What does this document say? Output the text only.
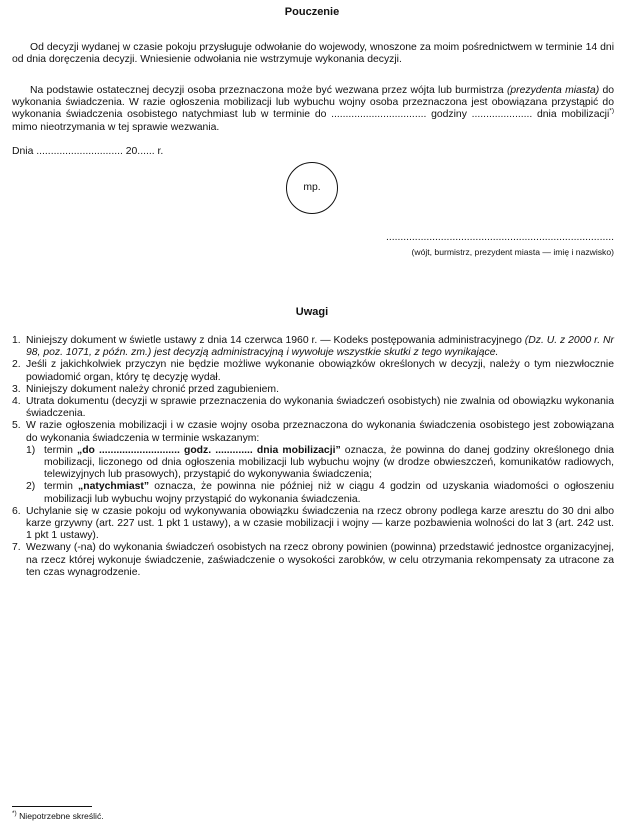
Pouczenie
Od decyzji wydanej w czasie pokoju przysługuje odwołanie do wojewody, wnoszone za moim pośrednictwem w terminie 14 dni od dnia doręczenia decyzji. Wniesienie odwołania nie wstrzymuje wykonania decyzji.
Na podstawie ostatecznej decyzji osoba przeznaczona może być wezwana przez wójta lub burmistrza (prezydenta miasta) do wykonania świadczenia. W razie ogłoszenia mobilizacji lub wybuchu wojny osoba przeznaczona jest obowiązana przystąpić do wykonania świadczenia osobistego natychmiast lub w terminie do ................................. godziny ..................... dnia mobilizacji*) mimo nieotrzymania w tej sprawie wezwania.
Dnia .............................. 20...... r.
mp.
...............................................................................
(wójt, burmistrz, prezydent miasta — imię i nazwisko)
Uwagi
1. Niniejszy dokument w świetle ustawy z dnia 14 czerwca 1960 r. — Kodeks postępowania administracyjnego (Dz. U. z 2000 r. Nr 98, poz. 1071, z późn. zm.) jest decyzją administracyjną i wywołuje wszystkie skutki z tego wynikające.
2. Jeśli z jakichkolwiek przyczyn nie będzie możliwe wykonanie obowiązków określonych w decyzji, należy o tym niezwłocznie powiadomić organ, który tę decyzję wydał.
3. Niniejszy dokument należy chronić przed zagubieniem.
4. Utrata dokumentu (decyzji w sprawie przeznaczenia do wykonania świadczeń osobistych) nie zwalnia od obowiązku wykonania świadczenia.
5. W razie ogłoszenia mobilizacji i w czasie wojny osoba przeznaczona do wykonania świadczenia osobistego jest zobowiązana do wykonania świadczenia w terminie wskazanym:
1) termin „do ............................ godz. ............. dnia mobilizacji” oznacza, że powinna do danej godziny określonego dnia mobilizacji, liczonego od dnia ogłoszenia mobilizacji lub wybuchu wojny (w drodze obwieszczeń, komunikatów radiowych, telewizyjnych lub prasowych), przystąpić do wykonywania świadczenia;
2) termin „natychmiast” oznacza, że powinna nie później niż w ciągu 4 godzin od uzyskania wiadomości o ogłoszeniu mobilizacji lub wybuchu wojny przystąpić do wykonania świadczenia.
6. Uchylanie się w czasie pokoju od wykonywania obowiązku świadczenia na rzecz obrony podlega karze aresztu do 30 dni albo karze grzywny (art. 227 ust. 1 pkt 1 ustawy), a w czasie mobilizacji i wojny — karze pozbawienia wolności do lat 3 (art. 242 ust. 1 pkt 1 ustawy).
7. Wezwany (-na) do wykonania świadczeń osobistych na rzecz obrony powinien (powinna) przedstawić jednostce organizacyjnej, na rzecz której wykonuje świadczenie, zaświadczenie o wysokości zarobków, w celu otrzymania rekompensaty za utracone za ten czas wynagrodzenie.
*) Niepotrzebne skreślić.
